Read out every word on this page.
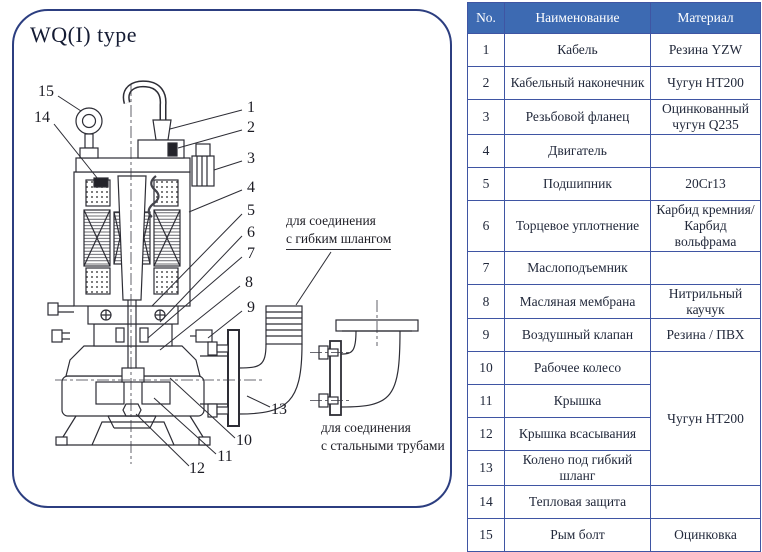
WQ(I) type
15
14
1
2
3
4
5
6
7
8
9
13
10
11
12
для соединения
с гибким шлангом
для соединения
с стальными трубами
No.	Наименование	Материал
1	Кабель	Резина YZW
2	Кабельный наконечник	Чугун HT200
3	Резьбовой фланец	Оцинкованный чугун Q235
4	Двигатель	
5	Подшипник	20Cr13
6	Торцевое уплотнение	Карбид кремния/ Карбид вольфрама
7	Маслоподъемник	
8	Масляная мембрана	Нитрильный каучук
9	Воздушный клапан	Резина / ПВХ
10	Рабочее колесо	Чугун HT200
11	Крышка	
12	Крышка всасывания	
13	Колено под гибкий шланг	
14	Тепловая защита	
15	Рым болт	Оцинковка
